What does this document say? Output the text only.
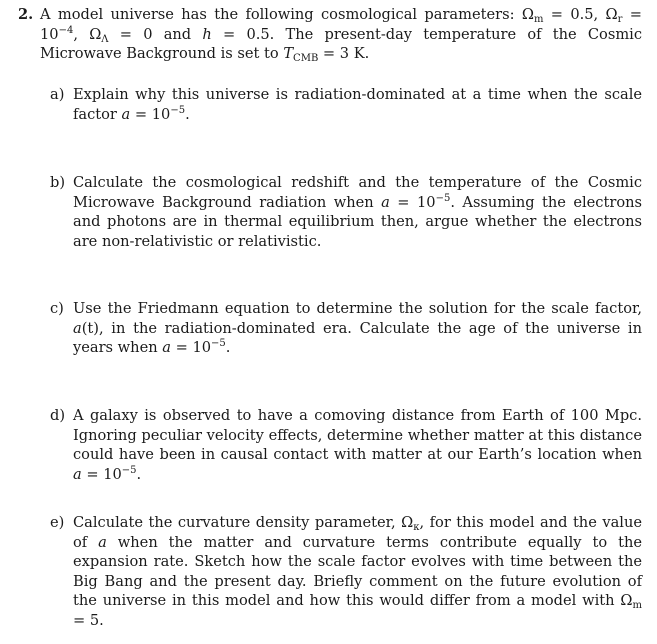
2. A model universe has the following cosmological parameters: $\Omega_m = 0.5$, $\Omega_r = 10^{-4}$, $\Omega_\Lambda = 0$ and h = 0.5. The present-day temperature of the Cosmic Microwave Background is set to $T_{CMB} = 3$ K.
a) Explain why this universe is radiation-dominated at a time when the scale factor $a = 10^{-5}$.
b) Calculate the cosmological redshift and the temperature of the Cosmic Microwave Background radiation when $a = 10^{-5}$. Assuming the electrons and photons are in thermal equilibrium then, argue whether the electrons are non-relativistic or relativistic.
c) Use the Friedmann equation to determine the solution for the scale factor, a(t), in the radiation-dominated era. Calculate the age of the universe in years when $a = 10^{-5}$.
d) A galaxy is observed to have a comoving distance from Earth of 100 Mpc. Ignoring peculiar velocity effects, determine whether matter at this distance could have been in causal contact with matter at our Earth’s location when $a = 10^{-5}$.
e) Calculate the curvature density parameter, $\Omega_\kappa$, for this model and the value of a when the matter and curvature terms contribute equally to the expansion rate. Sketch how the scale factor evolves with time between the Big Bang and the present day. Briefly comment on the future evolution of the universe in this model and how this would differ from a model with $\Omega_m = 5$.
